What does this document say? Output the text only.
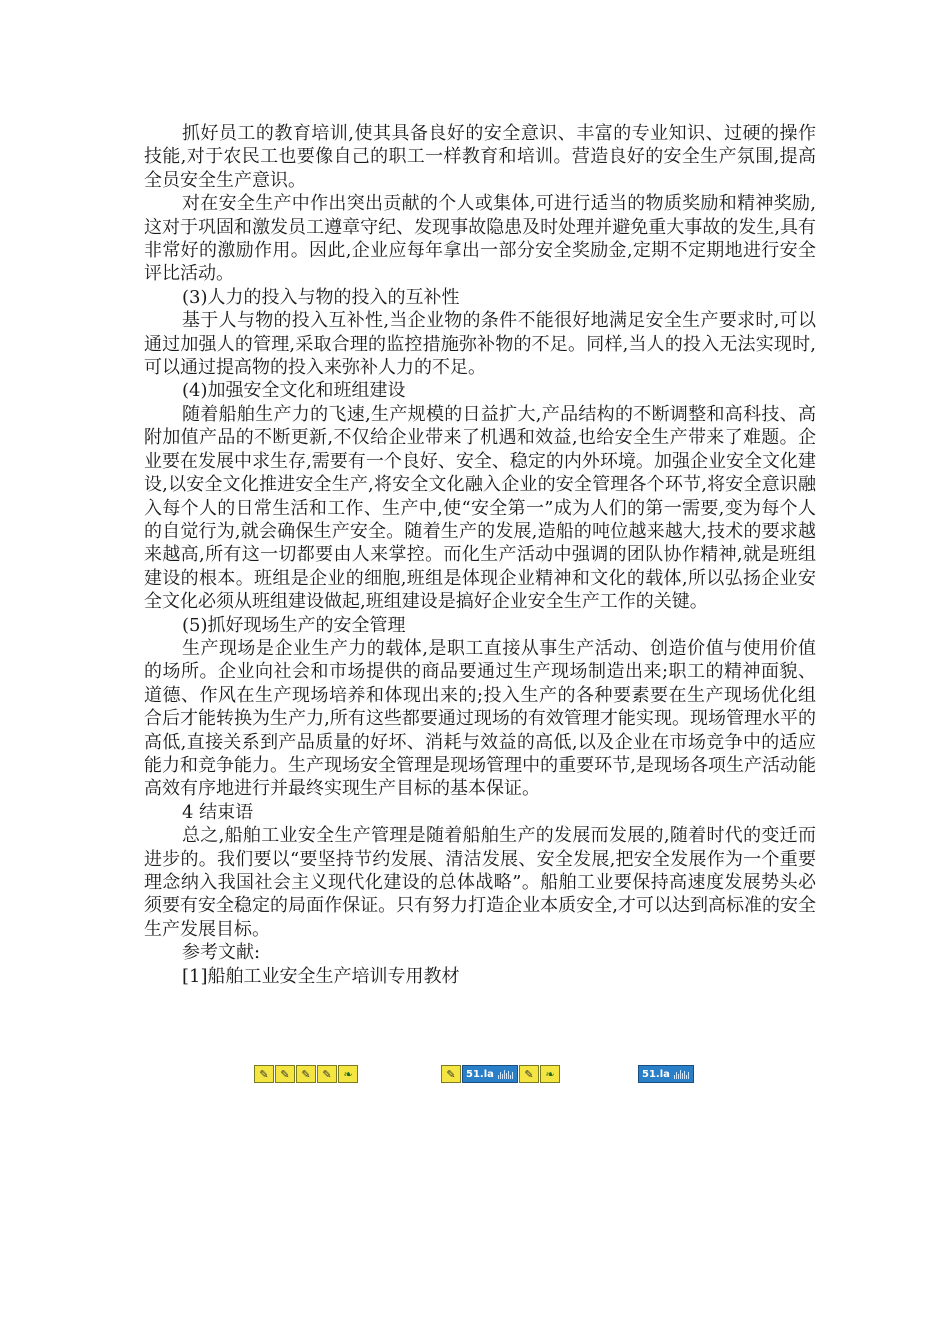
抓好员工的教育培训,使其具备良好的安全意识、丰富的专业知识、过硬的操作技能,对于农民工也要像自己的职工一样教育和培训。营造良好的安全生产氛围,提高全员安全生产意识。

对在安全生产中作出突出贡献的个人或集体,可进行适当的物质奖励和精神奖励,这对于巩固和激发员工遵章守纪、发现事故隐患及时处理并避免重大事故的发生,具有非常好的激励作用。因此,企业应每年拿出一部分安全奖励金,定期不定期地进行安全评比活动。

(3)人力的投入与物的投入的互补性

基于人与物的投入互补性,当企业物的条件不能很好地满足安全生产要求时,可以通过加强人的管理,采取合理的监控措施弥补物的不足。同样,当人的投入无法实现时,可以通过提高物的投入来弥补人力的不足。

(4)加强安全文化和班组建设

随着船舶生产力的飞速,生产规模的日益扩大,产品结构的不断调整和高科技、高附加值产品的不断更新,不仅给企业带来了机遇和效益,也给安全生产带来了难题。企业要在发展中求生存,需要有一个良好、安全、稳定的内外环境。加强企业安全文化建设,以安全文化推进安全生产,将安全文化融入企业的安全管理各个环节,将安全意识融入每个人的日常生活和工作、生产中,使“安全第一”成为人们的第一需要,变为每个人的自觉行为,就会确保生产安全。随着生产的发展,造船的吨位越来越大,技术的要求越来越高,所有这一切都要由人来掌控。而化生产活动中强调的团队协作精神,就是班组建设的根本。班组是企业的细胞,班组是体现企业精神和文化的载体,所以弘扬企业安全文化必须从班组建设做起,班组建设是搞好企业安全生产工作的关键。

(5)抓好现场生产的安全管理

生产现场是企业生产力的载体,是职工直接从事生产活动、创造价值与使用价值的场所。企业向社会和市场提供的商品要通过生产现场制造出来;职工的精神面貌、道德、作风在生产现场培养和体现出来的;投入生产的各种要素要在生产现场优化组合后才能转换为生产力,所有这些都要通过现场的有效管理才能实现。现场管理水平的高低,直接关系到产品质量的好坏、消耗与效益的高低,以及企业在市场竞争中的适应能力和竞争能力。生产现场安全管理是现场管理中的重要环节,是现场各项生产活动能高效有序地进行并最终实现生产目标的基本保证。

4 结束语

总之,船舶工业安全生产管理是随着船舶生产的发展而发展的,随着时代的变迁而进步的。我们要以“要坚持节约发展、清洁发展、安全发展,把安全发展作为一个重要理念纳入我国社会主义现代化建设的总体战略”。船舶工业要保持高速度发展势头必须要有安全稳定的局面作保证。只有努力打造企业本质安全,才可以达到高标准的安全生产发展目标。

参考文献:

[1]船舶工业安全生产培训专用教材

✎	✎	✎	✎	❧	✎	51.la	✎	❧	51.la
